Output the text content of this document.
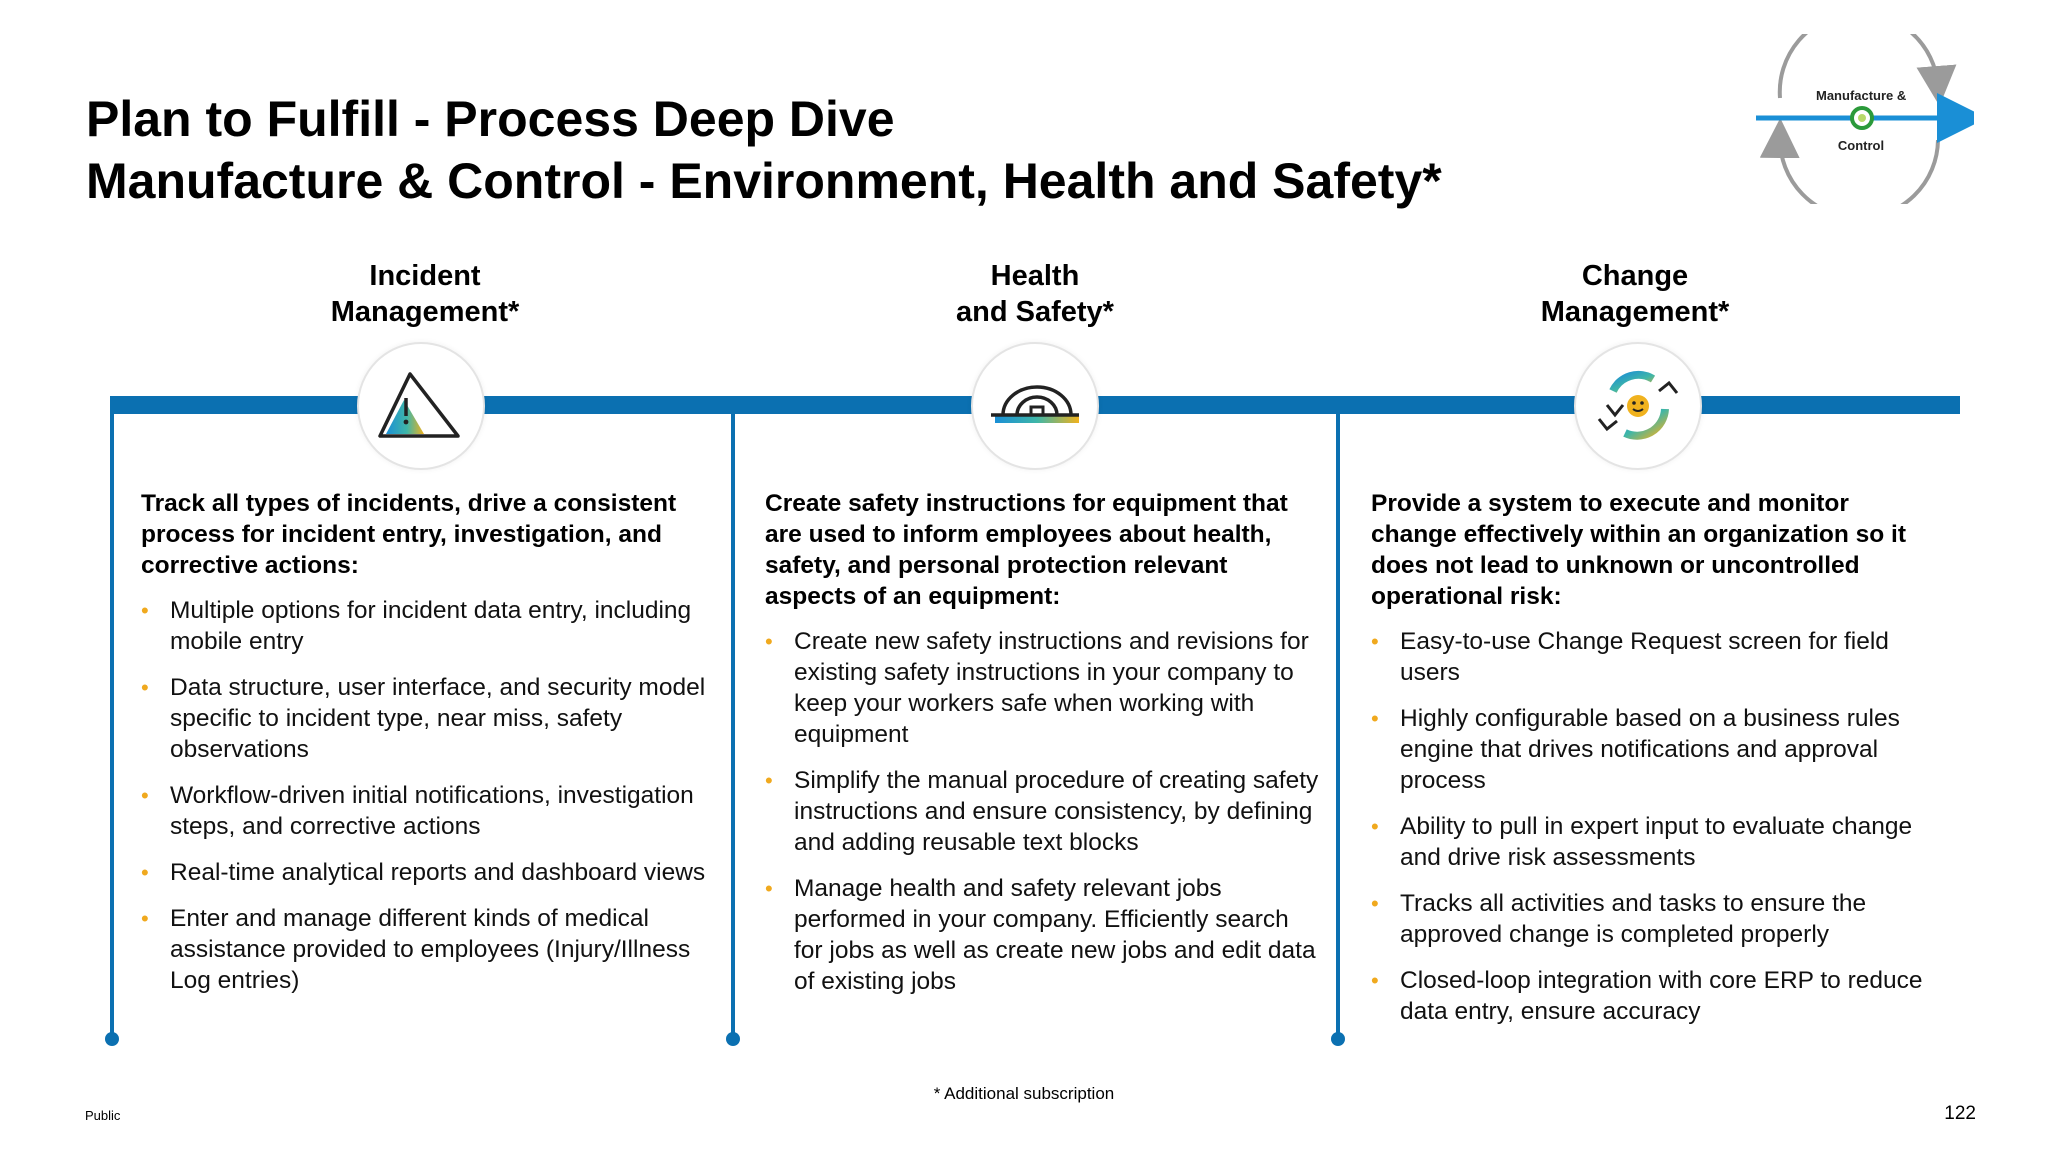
Plan to Fulfill - Process Deep Dive
Manufacture & Control - Environment, Health and Safety*
Manufacture &
Control
Incident
Management*
Track all types of incidents, drive a consistent process for incident entry, investigation, and corrective actions:
• Multiple options for incident data entry, including mobile entry
• Data structure, user interface, and security model specific to incident type, near miss, safety observations
• Workflow-driven initial notifications, investigation steps, and corrective actions
• Real-time analytical reports and dashboard views
• Enter and manage different kinds of medical assistance provided to employees (Injury/Illness Log entries)
Health
and Safety*
Create safety instructions for equipment that are used to inform employees about health, safety, and personal protection relevant aspects of an equipment:
• Create new safety instructions and revisions for existing safety instructions in your company to keep your workers safe when working with equipment
• Simplify the manual procedure of creating safety instructions and ensure consistency, by defining and adding reusable text blocks
• Manage health and safety relevant jobs performed in your company. Efficiently search for jobs as well as create new jobs and edit data of existing jobs
Change
Management*
Provide a system to execute and monitor change effectively within an organization so it does not lead to unknown or uncontrolled operational risk:
• Easy-to-use Change Request screen for field users
• Highly configurable based on a business rules engine that drives notifications and approval process
• Ability to pull in expert input to evaluate change and drive risk assessments
• Tracks all activities and tasks to ensure the approved change is completed properly
• Closed-loop integration with core ERP to reduce data entry, ensure accuracy
* Additional subscription
Public	122
